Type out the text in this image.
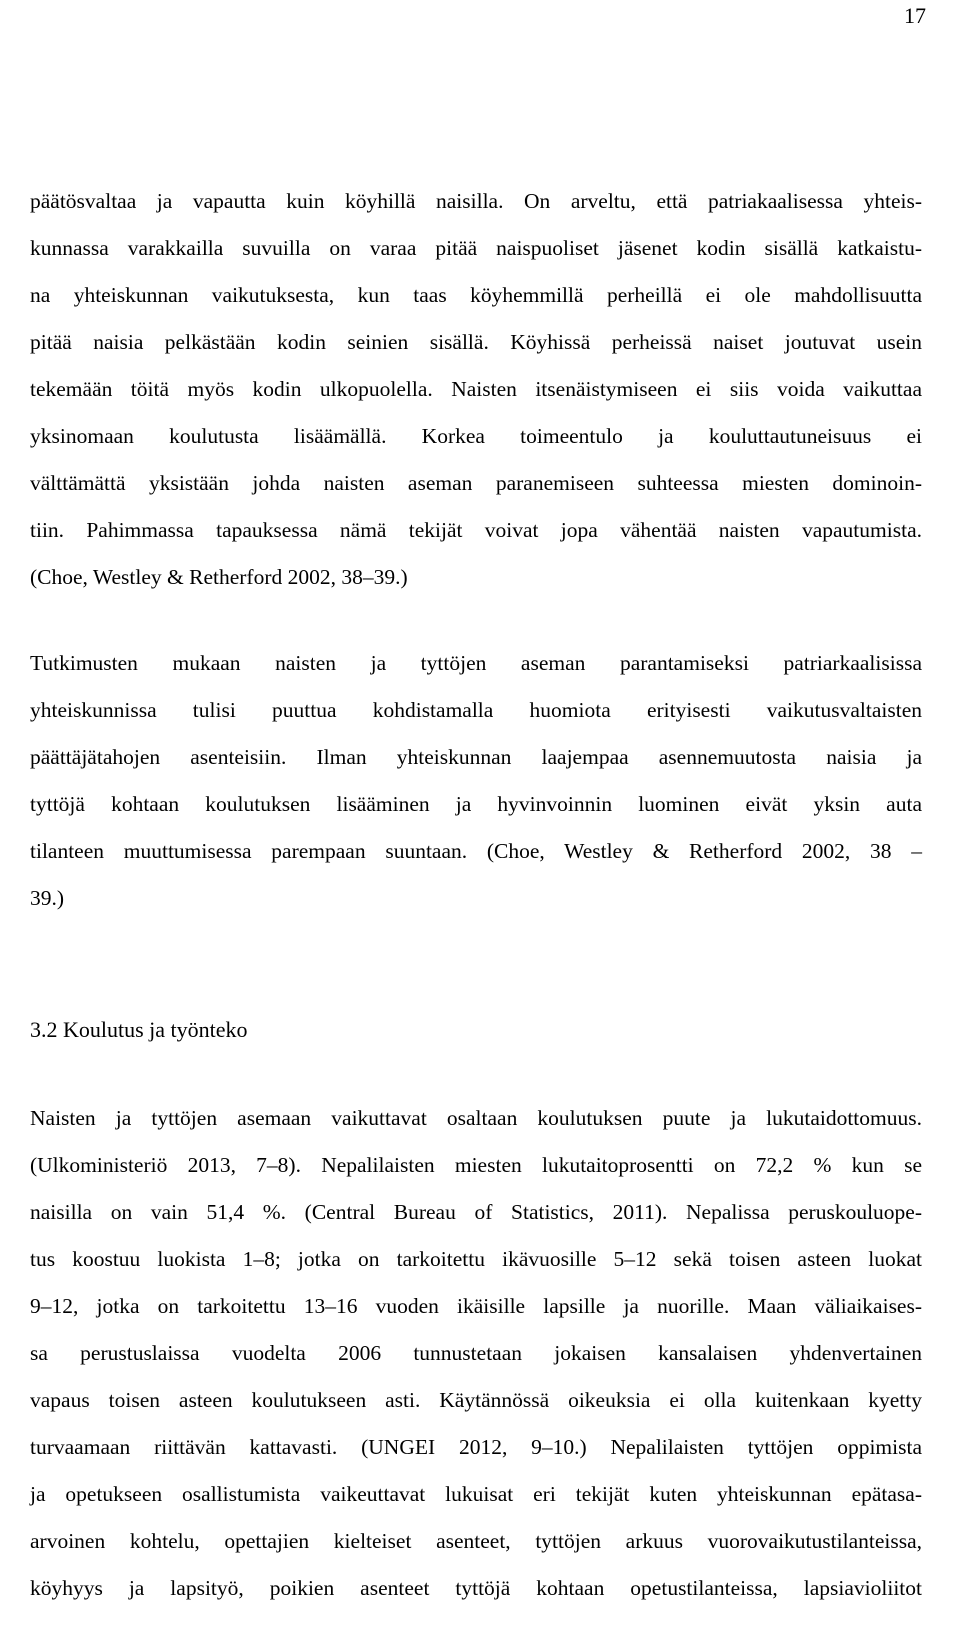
17
päätösvaltaa ja vapautta kuin köyhillä naisilla. On arveltu, että patriakaalisessa yhteis-
kunnassa varakkailla suvuilla on varaa pitää naispuoliset jäsenet kodin sisällä katkaistu-
na yhteiskunnan vaikutuksesta, kun taas köyhemmillä perheillä ei ole mahdollisuutta
pitää naisia pelkästään kodin seinien sisällä. Köyhissä perheissä naiset joutuvat usein
tekemään töitä myös kodin ulkopuolella. Naisten itsenäistymiseen ei siis voida vaikuttaa
yksinomaan koulutusta lisäämällä. Korkea toimeentulo ja kouluttautuneisuus ei
välttämättä yksistään johda naisten aseman paranemiseen suhteessa miesten dominoin-
tiin. Pahimmassa tapauksessa nämä tekijät voivat jopa vähentää naisten vapautumista.
(Choe, Westley & Retherford 2002, 38–39.)
Tutkimusten mukaan naisten ja tyttöjen aseman parantamiseksi patriarkaalisissa
yhteiskunnissa tulisi puuttua kohdistamalla huomiota erityisesti vaikutusvaltaisten
päättäjätahojen asenteisiin. Ilman yhteiskunnan laajempaa asennemuutosta naisia ja
tyttöjä kohtaan koulutuksen lisääminen ja hyvinvoinnin luominen eivät yksin auta
tilanteen muuttumisessa parempaan suuntaan. (Choe, Westley & Retherford 2002, 38 –
39.)
3.2 Koulutus ja työnteko
Naisten ja tyttöjen asemaan vaikuttavat osaltaan koulutuksen puute ja lukutaidottomuus.
(Ulkoministeriö 2013, 7–8). Nepalilaisten miesten lukutaitoprosentti on 72,2 % kun se
naisilla on vain 51,4 %. (Central Bureau of Statistics, 2011). Nepalissa peruskouluope-
tus koostuu luokista 1–8; jotka on tarkoitettu ikävuosille 5–12 sekä toisen asteen luokat
9–12, jotka on tarkoitettu 13–16 vuoden ikäisille lapsille ja nuorille. Maan väliaikaises-
sa perustuslaissa vuodelta 2006 tunnustetaan jokaisen kansalaisen yhdenvertainen
vapaus toisen asteen koulutukseen asti. Käytännössä oikeuksia ei olla kuitenkaan kyetty
turvaamaan riittävän kattavasti. (UNGEI 2012, 9–10.) Nepalilaisten tyttöjen oppimista
ja opetukseen osallistumista vaikeuttavat lukuisat eri tekijät kuten yhteiskunnan epätasa-
arvoinen kohtelu, opettajien kielteiset asenteet, tyttöjen arkuus vuorovaikutustilanteissa,
köyhyys ja lapsityö, poikien asenteet tyttöjä kohtaan opetustilanteissa, lapsiavioliitot
